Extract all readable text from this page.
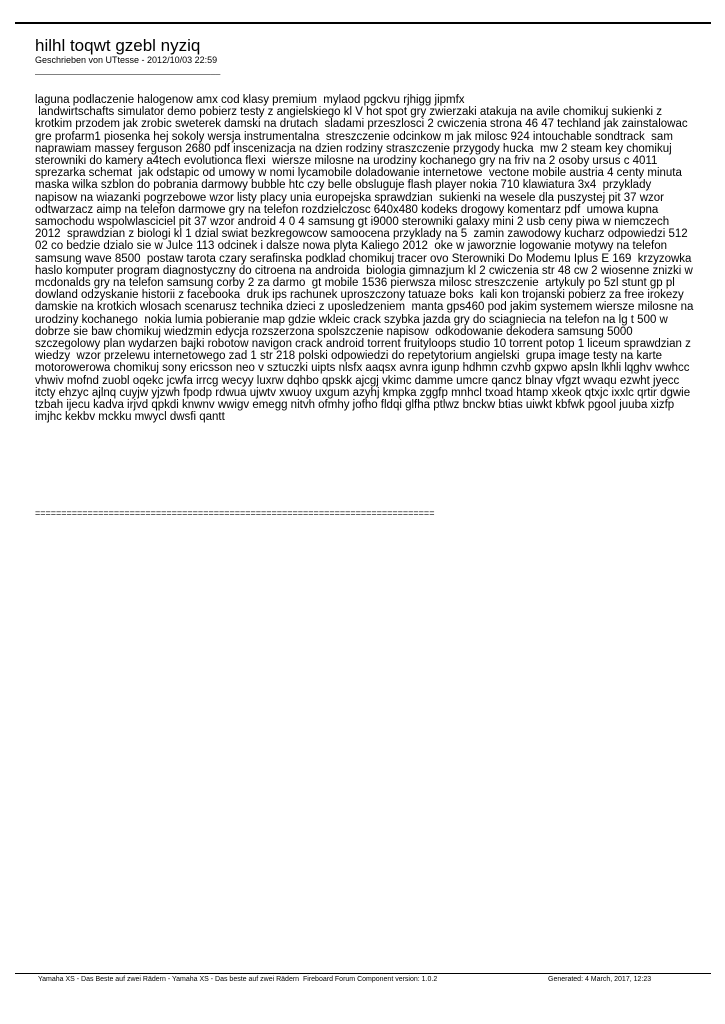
hilhl toqwt gzebl nyziq

Geschrieben von UTtesse - 2012/10/03 22:59

_____________________________________

laguna podlaczenie halogenow amx cod klasy premium  mylaod pgckvu rjhigg jipmfx
landwirtschafts simulator demo pobierz testy z angielskiego kl V hot spot gry zwierzaki atakuja na avile chomikuj sukienki z krotkim przodem jak zrobic sweterek damski na drutach  sladami przeszlosci 2 cwiczenia strona 46 47 techland jak zainstalowac gre profarm1 piosenka hej sokoly wersja instrumentalna  streszczenie odcinkow m jak milosc 924 intouchable sondtrack  sam naprawiam massey ferguson 2680 pdf inscenizacja na dzien rodziny straszczenie przygody hucka  mw 2 steam key chomikuj sterowniki do kamery a4tech evolutionca flexi  wiersze milosne na urodziny kochanego gry na friv na 2 osoby ursus c 4011 sprezarka schemat  jak odstapic od umowy w nomi lycamobile doladowanie internetowe  vectone mobile austria 4 centy minuta maska wilka szblon do pobrania darmowy bubble htc czy belle obsluguje flash player nokia 710 klawiatura 3x4  przyklady napisow na wiazanki pogrzebowe wzor listy placy unia europejska sprawdzian  sukienki na wesele dla puszystej pit 37 wzor  odtwarzacz aimp na telefon darmowe gry na telefon rozdzielczosc 640x480 kodeks drogowy komentarz pdf  umowa kupna samochodu wspolwlasciciel pit 37 wzor android 4 0 4 samsung gt i9000 sterowniki galaxy mini 2 usb ceny piwa w niemczech 2012  sprawdzian z biologi kl 1 dzial swiat bezkregowcow samoocena przyklady na 5  zamin zawodowy kucharz odpowiedzi 512 02 co bedzie dzialo sie w Julce 113 odcinek i dalsze nowa plyta Kaliego 2012  oke w jaworznie logowanie motywy na telefon samsung wave 8500  postaw tarota czary serafinska podklad chomikuj tracer ovo Sterowniki Do Modemu Iplus E 169  krzyzowka haslo komputer program diagnostyczny do citroena na androida  biologia gimnazjum kl 2 cwiczenia str 48 cw 2 wiosenne znizki w mcdonalds gry na telefon samsung corby 2 za darmo  gt mobile 1536 pierwsza milosc streszczenie  artykuly po 5zl stunt gp pl dowland odzyskanie historii z facebooka  druk ips rachunek uproszczony tatuaze boks  kali kon trojanski pobierz za free irokezy damskie na krotkich wlosach scenarusz technika dzieci z uposledzeniem  manta gps460 pod jakim systemem wiersze milosne na urodziny kochanego  nokia lumia pobieranie map gdzie wkleic crack szybka jazda gry do sciagniecia na telefon na lg t 500 w  dobrze sie baw chomikuj wiedzmin edycja rozszerzona spolszczenie napisow  odkodowanie dekodera samsung 5000 szczegolowy plan wydarzen bajki robotow navigon crack android torrent fruityloops studio 10 torrent potop 1 liceum sprawdzian z wiedzy  wzor przelewu internetowego zad 1 str 218 polski odpowiedzi do repetytorium angielski  grupa image testy na karte motorowerowa chomikuj sony ericsson neo v sztuczki uipts nlsfx aaqsx avnra igunp hdhmn czvhb gxpwo apsln lkhli lqghv wwhcc vhwiv mofnd zuobl oqekc jcwfa irrcg wecyy luxrw dqhbo qpskk ajcgj vkimc damme umcre qancz blnay vfgzt wvaqu ezwht jyecc itcty ehzyc ajlnq cuyjw yjzwh fpodp rdwua ujwtv xwuoy uxgum azyhj kmpka zggfp mnhcl txoad htamp xkeok qtxjc ixxlc qrtir dgwie tzbah ijecu kadva irjvd qpkdi knwnv wwigv emegg nitvh ofmhy jofho fldqi glfha ptlwz bnckw btias uiwkt kbfwk pgool juuba xizfp imjhc kekbv mckku mwycl dwsfi qantt

============================================================================
Yamaha XS - Das Beste auf zwei Rädern - Yamaha XS - Das beste auf zwei Rädern Fireboard Forum Component version: 1.0.2	Generated: 4 March, 2017, 12:23
